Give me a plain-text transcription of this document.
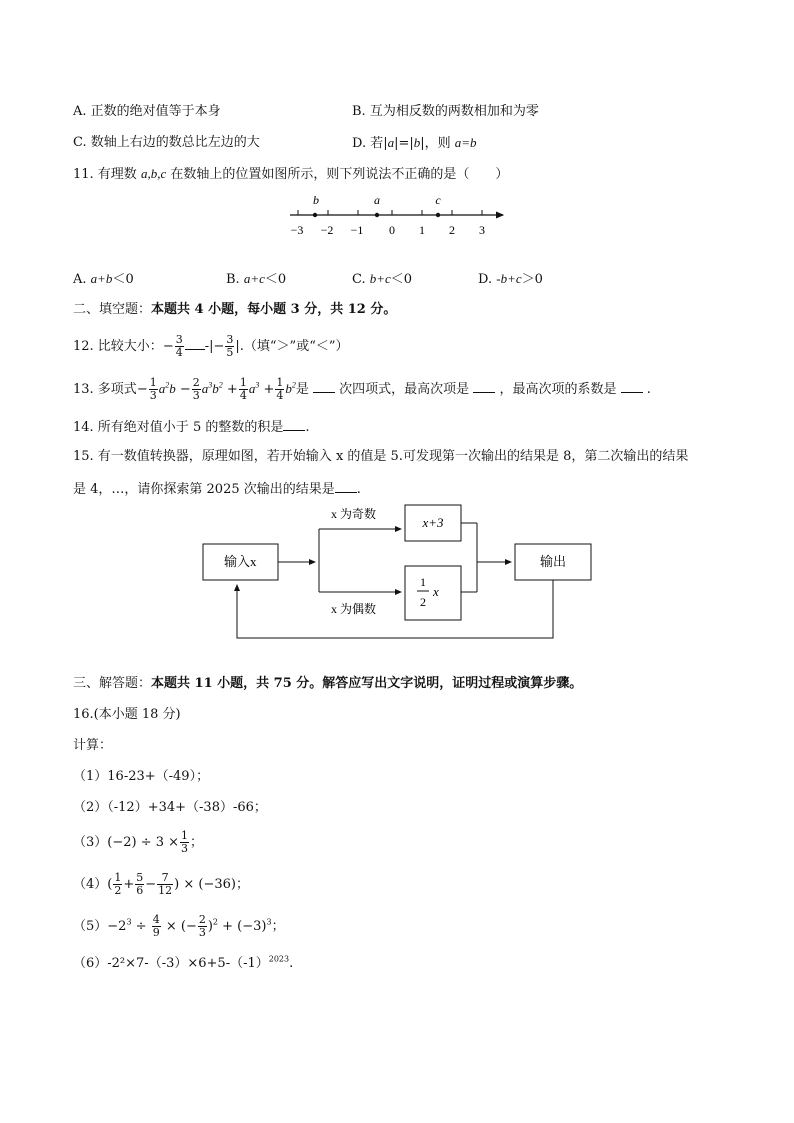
A. 正数的绝对值等于本身	B. 互为相反数的两数相加和为零
C. 数轴上右边的数总比左边的大	D. 若|a|=|b|，则 a=b
11. 有理数 a,b,c 在数轴上的位置如图所示，则下列说法不正确的是（　　）
b	a	c
−3 −2 −1 0 1 2 3
A. a+b＜0	B. a+c＜0	C. b+c＜0	D. -b+c＞0
二、填空题：本题共 4 小题，每小题 3 分，共 12 分。
12. 比较大小：− $\frac{3}{4}$ -|− $\frac{3}{5}$ |.（填“＞”或“＜”）
13. 多项式− $\frac{1}{3} a^2b - \frac{2}{3} a^3b^2 + \frac{1}{4} a^3 + \frac{1}{4} b^2$是 次四项式，最高次项是 ，最高次项的系数是 .
14. 所有绝对值小于 5 的整数的积是 .
15. 有一数值转换器，原理如图，若开始输入 x 的值是 5.可发现第一次输出的结果是 8，第二次输出的结果
是 4，…，请你探索第 2025 次输出的结果是 .
输入x
x 为奇数
x 为偶数
x+3
1
2
x
输出
三、解答题：本题共 11 小题，共 75 分。解答应写出文字说明，证明过程或演算步骤。
16.(本小题 18 分)
计算：
（1）16-23+（-49）；
（2）（-12）+34+（-38）-66；
$(3)(-2) \div 3 \times \frac{1}{3}$ ；
$(4)( \frac{1}{2} + \frac{5}{6} - \frac{7}{12}$ ) × (−36)；
$(5)-2^3 \div \frac{4}{9}$ × (− $\frac{2}{3} )^2 + (-3)^3$；
$(6)-2^2\times 7-(-3)\times 6+5-(-1)^{2023}$.
